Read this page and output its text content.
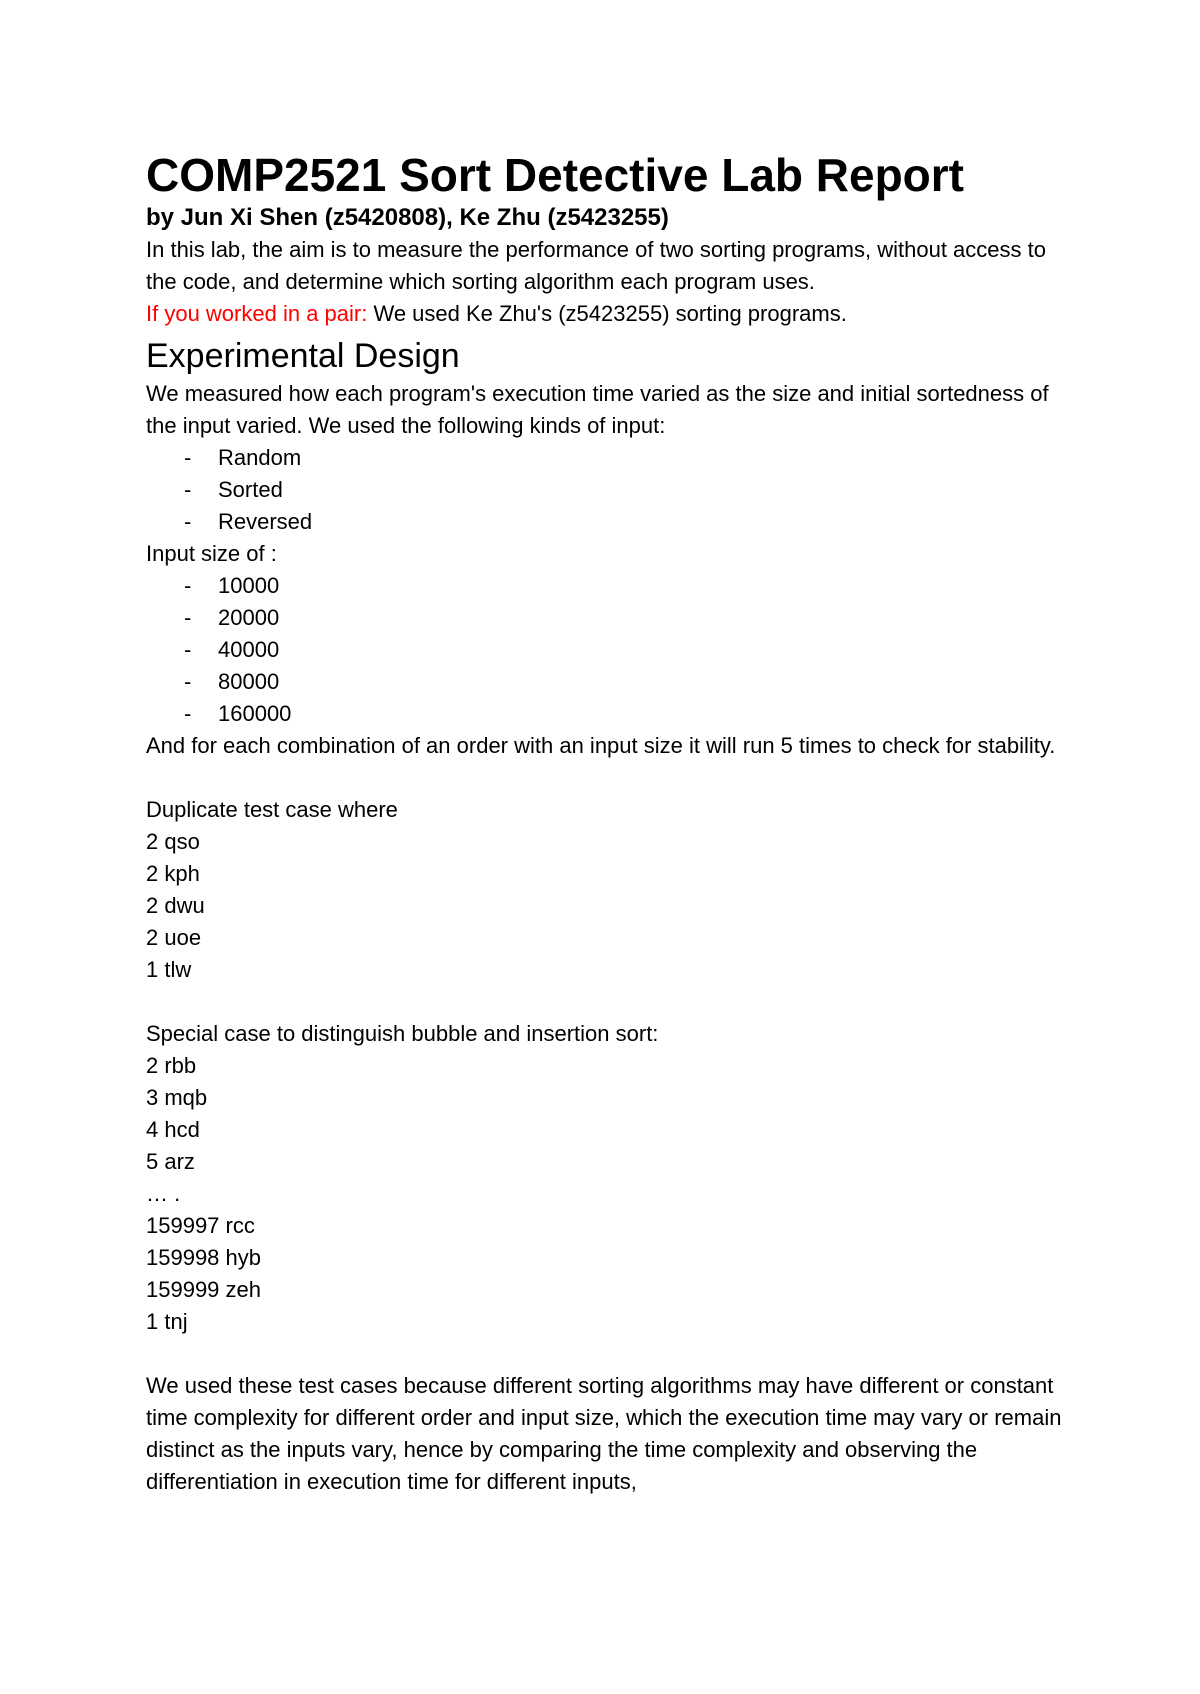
COMP2521 Sort Detective Lab Report
by Jun Xi Shen (z5420808), Ke Zhu (z5423255)

In this lab, the aim is to measure the performance of two sorting programs, without access to the code, and determine which sorting algorithm each program uses.

If you worked in a pair: We used Ke Zhu's (z5423255) sorting programs.

Experimental Design

We measured how each program's execution time varied as the size and initial sortedness of the input varied. We used the following kinds of input:

- Random
- Sorted
- Reversed

Input size of :

- 10000
- 20000
- 40000
- 80000
- 160000

And for each combination of an order with an input size it will run 5 times to check for stability.

Duplicate test case where
2 qso
2 kph
2 dwu
2 uoe
1 tlw
Special case to distinguish bubble and insertion sort:
2 rbb
3 mqb
4 hcd
5 arz
… .
159997 rcc
159998 hyb
159999 zeh
1 tnj

We used these test cases because different sorting algorithms may have different or constant time complexity for different order and input size, which the execution time may vary or remain distinct as the inputs vary, hence by comparing the time complexity and observing the differentiation in execution time for different inputs,
